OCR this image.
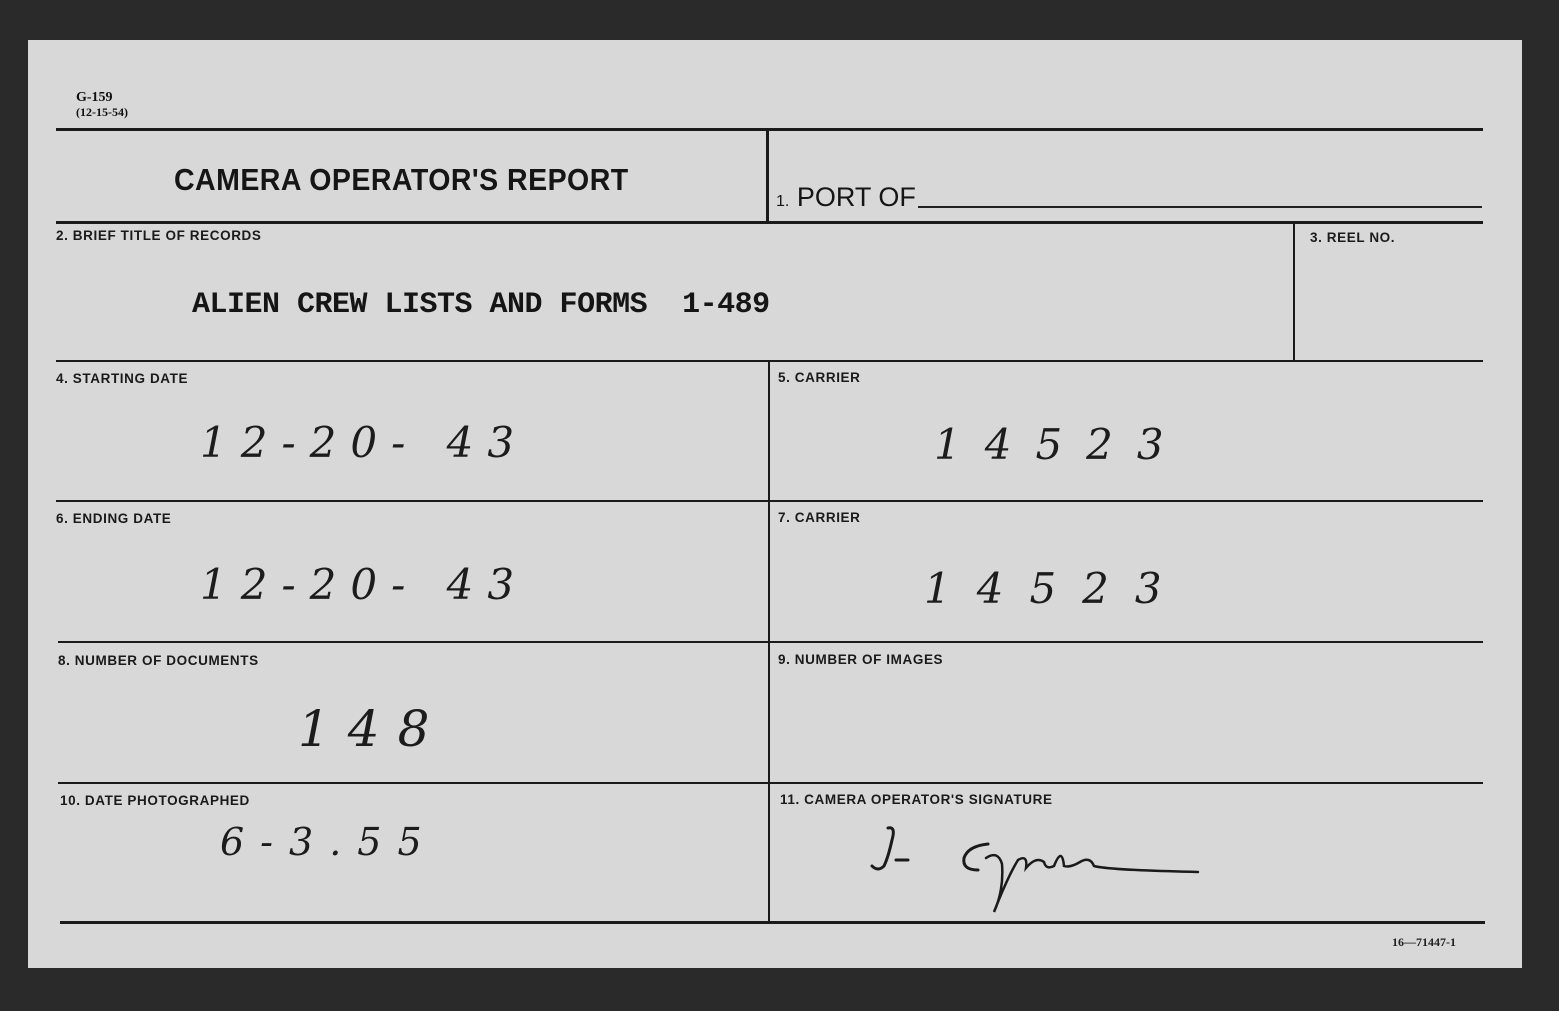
G-159
(12-15-54)
CAMERA OPERATOR'S REPORT
1. PORT OF
2. BRIEF TITLE OF RECORDS
ALIEN CREW LISTS AND FORMS  1-489
3. REEL NO.
4. STARTING DATE
12-20- 43
5. CARRIER
14523
6. ENDING DATE
12-20- 43
7. CARRIER
14523
8. NUMBER OF DOCUMENTS
148
9. NUMBER OF IMAGES
10. DATE PHOTOGRAPHED
6-3.55
11. CAMERA OPERATOR'S SIGNATURE
16—71447-1
